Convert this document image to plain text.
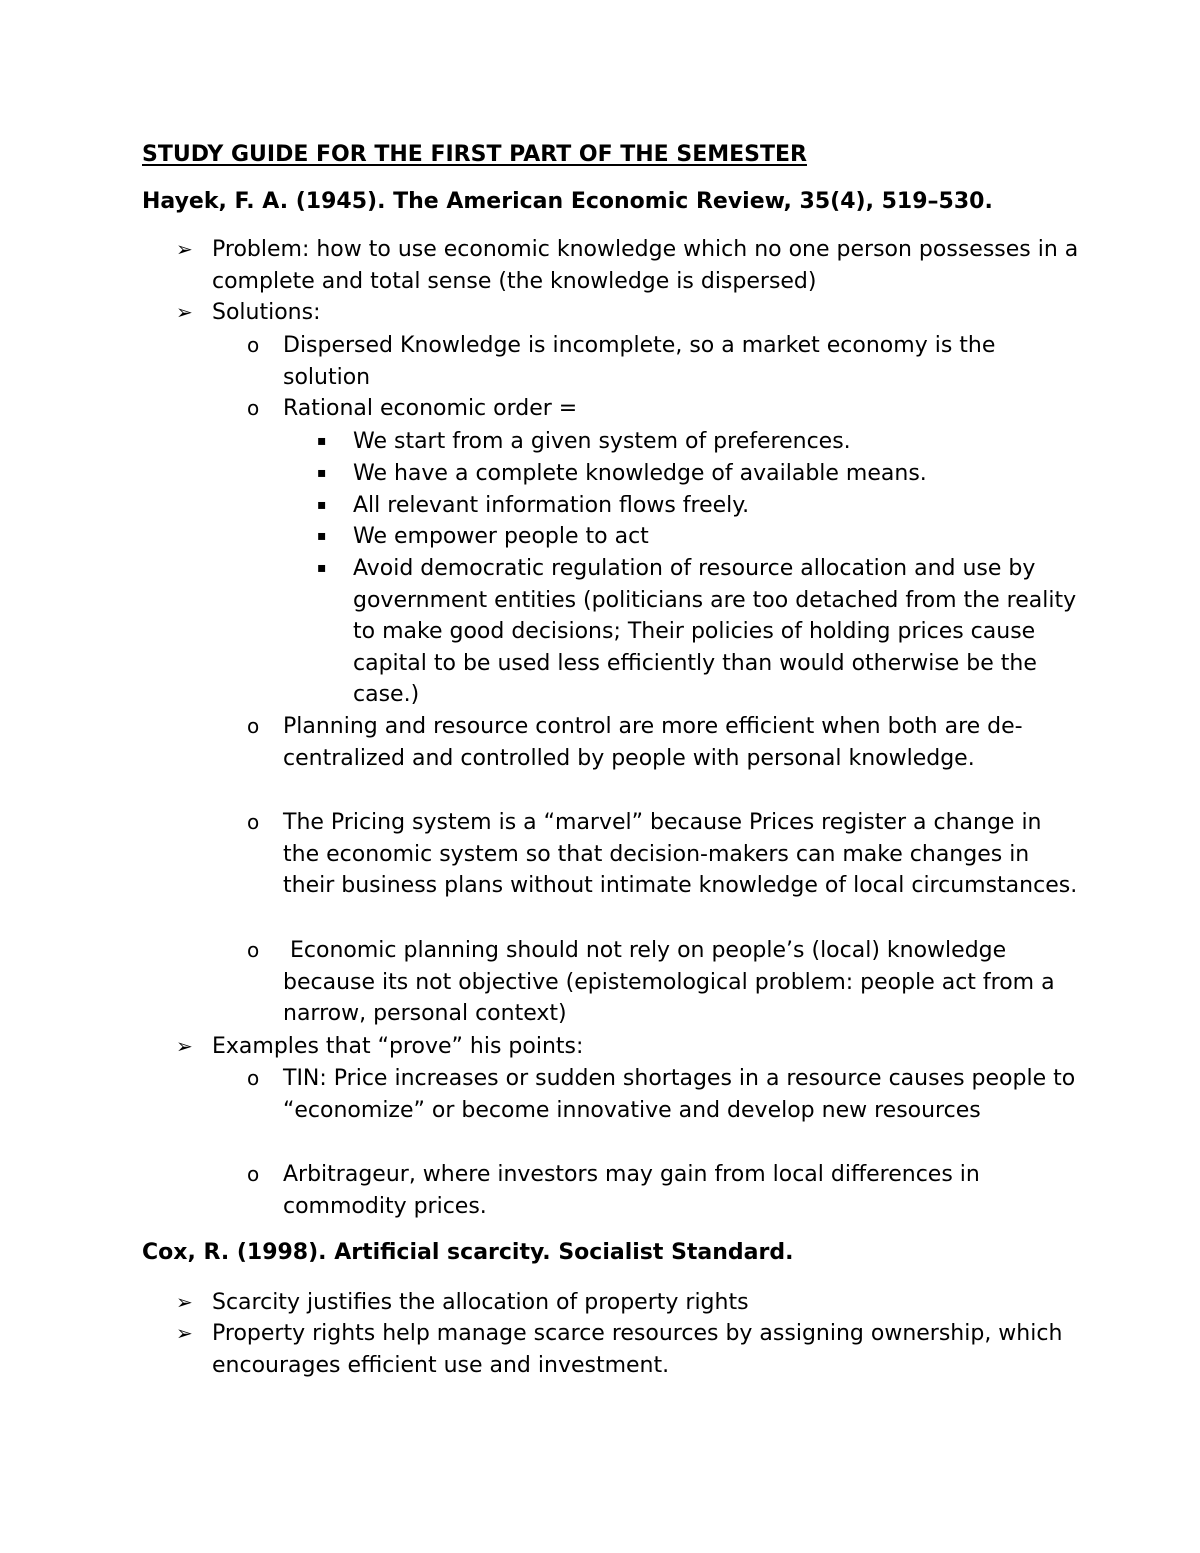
STUDY GUIDE FOR THE FIRST PART OF THE SEMESTER
Hayek, F. A. (1945). The American Economic Review, 35(4), 519–530.
➢ Problem: how to use economic knowledge which no one person possesses in a complete and total sense (the knowledge is dispersed)
➢ Solutions:
o Dispersed Knowledge is incomplete, so a market economy is the solution
o Rational economic order =
▪ We start from a given system of preferences.
▪ We have a complete knowledge of available means.
▪ All relevant information flows freely.
▪ We empower people to act
▪ Avoid democratic regulation of resource allocation and use by government entities (politicians are too detached from the reality to make good decisions; Their policies of holding prices cause capital to be used less efficiently than would otherwise be the case.)
o Planning and resource control are more efficient when both are de-centralized and controlled by people with personal knowledge.
o The Pricing system is a “marvel” because Prices register a change in the economic system so that decision-makers can make changes in their business plans without intimate knowledge of local circumstances.
o Economic planning should not rely on people’s (local) knowledge because its not objective (epistemological problem: people act from a narrow, personal context)
➢ Examples that “prove” his points:
o TIN: Price increases or sudden shortages in a resource causes people to “economize” or become innovative and develop new resources
o Arbitrageur, where investors may gain from local differences in commodity prices.
Cox, R. (1998). Artificial scarcity. Socialist Standard.
➢ Scarcity justifies the allocation of property rights
➢ Property rights help manage scarce resources by assigning ownership, which encourages efficient use and investment.
